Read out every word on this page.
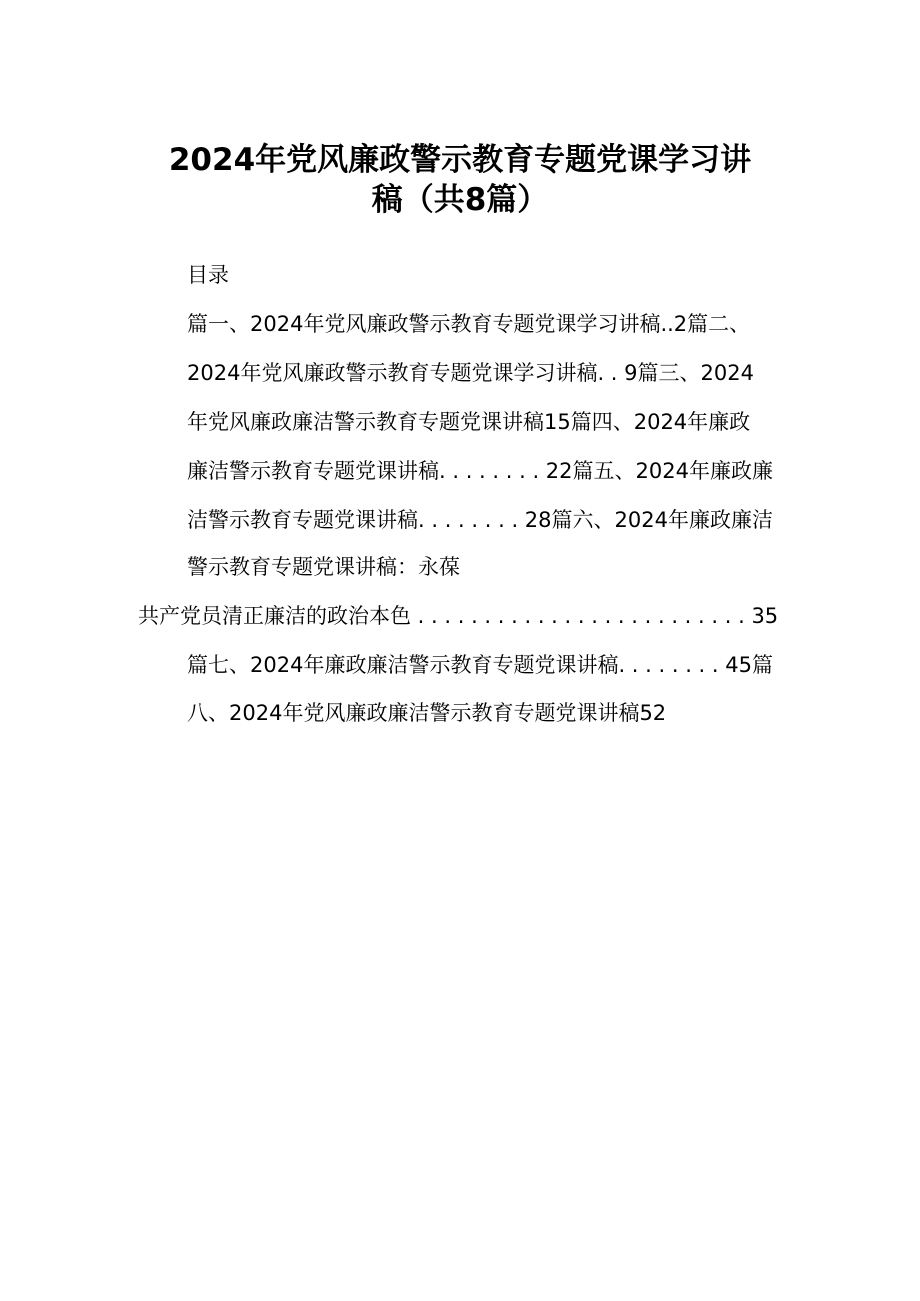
2024年党风廉政警示教育专题党课学习讲
稿（共8篇）
目录
篇一、2024年党风廉政警示教育专题党课学习讲稿..2篇二、
2024年党风廉政警示教育专题党课学习讲稿. . 9篇三、2024
年党风廉政廉洁警示教育专题党课讲稿15篇四、2024年廉政
廉洁警示教育专题党课讲稿. . . . . . . . 22篇五、2024年廉政廉
洁警示教育专题党课讲稿. . . . . . . . 28篇六、2024年廉政廉洁
警示教育专题党课讲稿：永葆
共产党员清正廉洁的政治本色 . . . . . . . . . . . . . . . . . . . . . . . . . 35
篇七、2024年廉政廉洁警示教育专题党课讲稿. . . . . . . . 45篇
八、2024年党风廉政廉洁警示教育专题党课讲稿52
